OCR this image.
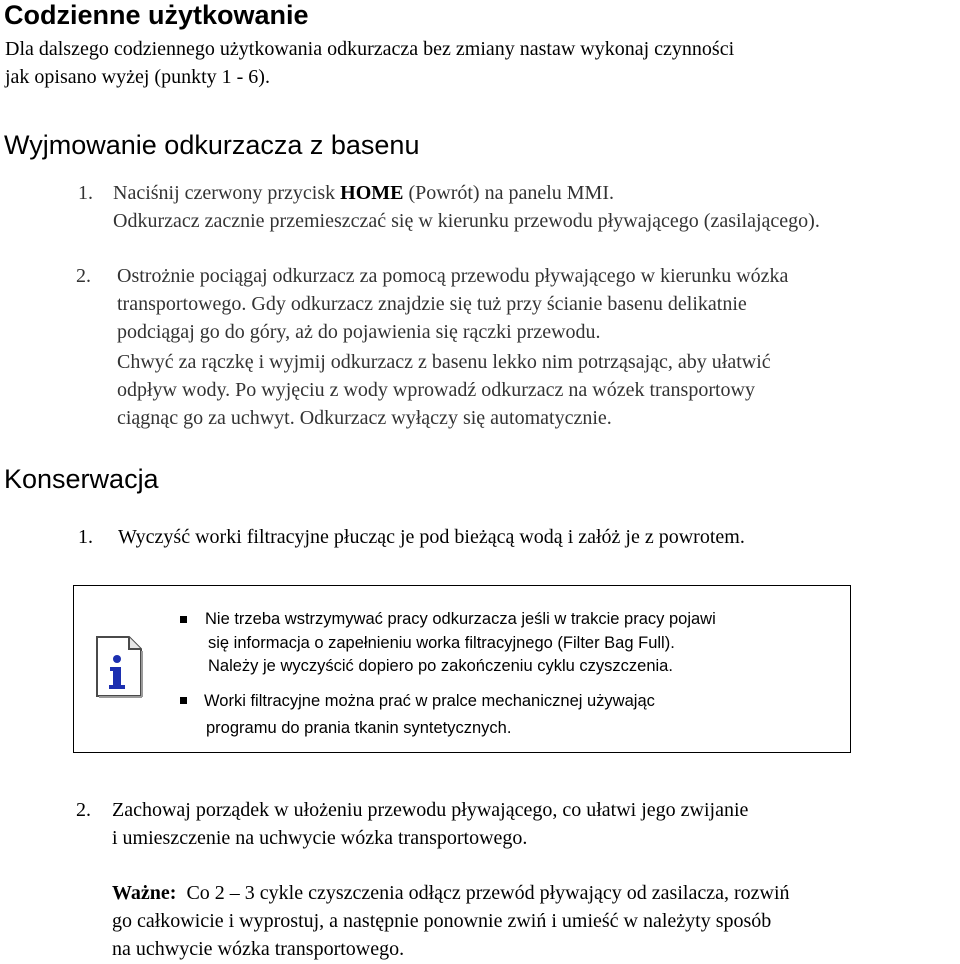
Codzienne użytkowanie
Dla dalszego codziennego użytkowania odkurzacza bez zmiany nastaw wykonaj czynności
jak opisano wyżej (punkty 1 - 6).
Wyjmowanie odkurzacza z basenu
1. Naciśnij czerwony przycisk HOME (Powrót) na panelu MMI.
Odkurzacz zacznie przemieszczać się w kierunku przewodu pływającego (zasilającego).
2. Ostrożnie pociągaj odkurzacz za pomocą przewodu pływającego w kierunku wózka
transportowego. Gdy odkurzacz znajdzie się tuż przy ścianie basenu delikatnie
podciągaj go do góry, aż do pojawienia się rączki przewodu.
Chwyć za rączkę i wyjmij odkurzacz z basenu lekko nim potrząsając, aby ułatwić
odpływ wody. Po wyjęciu z wody wprowadź odkurzacz na wózek transportowy
ciągnąc go za uchwyt. Odkurzacz wyłączy się automatycznie.
Konserwacja
1. Wyczyść worki filtracyjne płucząc je pod bieżącą wodą i załóż je z powrotem.
Nie trzeba wstrzymywać pracy odkurzacza jeśli w trakcie pracy pojawi
się informacja o zapełnieniu worka filtracyjnego (Filter Bag Full).
Należy je wyczyścić dopiero po zakończeniu cyklu czyszczenia.
Worki filtracyjne można prać w pralce mechanicznej używając
programu do prania tkanin syntetycznych.
2. Zachowaj porządek w ułożeniu przewodu pływającego, co ułatwi jego zwijanie
i umieszczenie na uchwycie wózka transportowego.
Ważne: Co 2 – 3 cykle czyszczenia odłącz przewód pływający od zasilacza, rozwiń
go całkowicie i wyprostuj, a następnie ponownie zwiń i umieść w należyty sposób
na uchwycie wózka transportowego.
